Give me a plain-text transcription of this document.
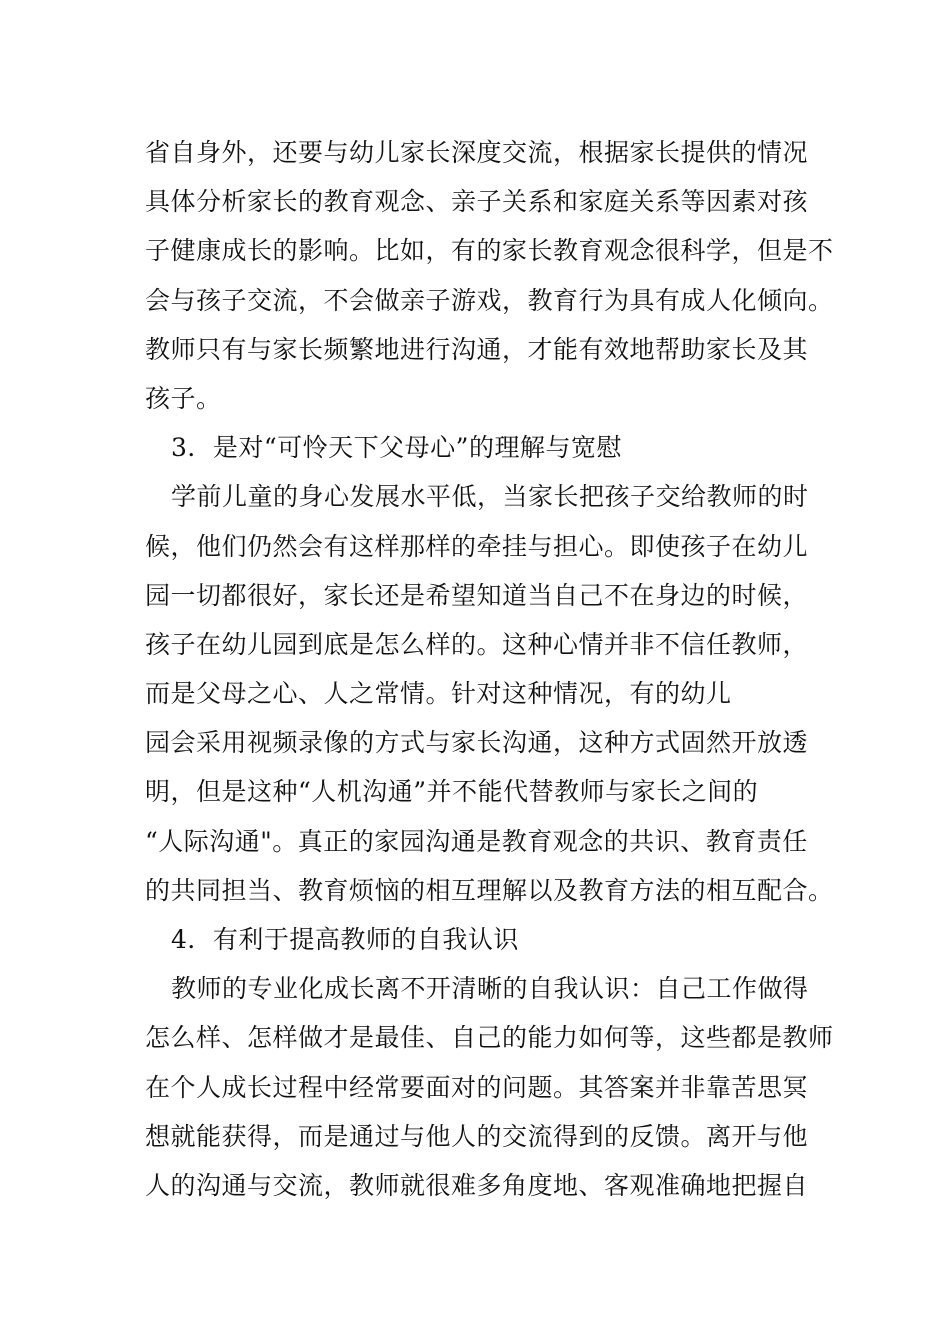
省自身外，还要与幼儿家长深度交流，根据家长提供的情况
具体分析家长的教育观念、亲子关系和家庭关系等因素对孩
子健康成长的影响。比如，有的家长教育观念很科学，但是不
会与孩子交流，不会做亲子游戏，教育行为具有成人化倾向。
教师只有与家长频繁地进行沟通，才能有效地帮助家长及其
孩子。
3．是对“可怜天下父母心”的理解与宽慰
学前儿童的身心发展水平低，当家长把孩子交给教师的时
候，他们仍然会有这样那样的牵挂与担心。即使孩子在幼儿
园一切都很好，家长还是希望知道当自己不在身边的时候，
孩子在幼儿园到底是怎么样的。这种心情并非不信任教师，
而是父母之心、人之常情。针对这种情况，有的幼儿
园会采用视频录像的方式与家长沟通，这种方式固然开放透
明，但是这种“人机沟通”并不能代替教师与家长之间的
“人际沟通"。真正的家园沟通是教育观念的共识、教育责任
的共同担当、教育烦恼的相互理解以及教育方法的相互配合。
4．有利于提高教师的自我认识
教师的专业化成长离不开清晰的自我认识：自己工作做得
怎么样、怎样做才是最佳、自己的能力如何等，这些都是教师
在个人成长过程中经常要面对的问题。其答案并非靠苦思冥
想就能获得，而是通过与他人的交流得到的反馈。离开与他
人的沟通与交流，教师就很难多角度地、客观准确地把握自
